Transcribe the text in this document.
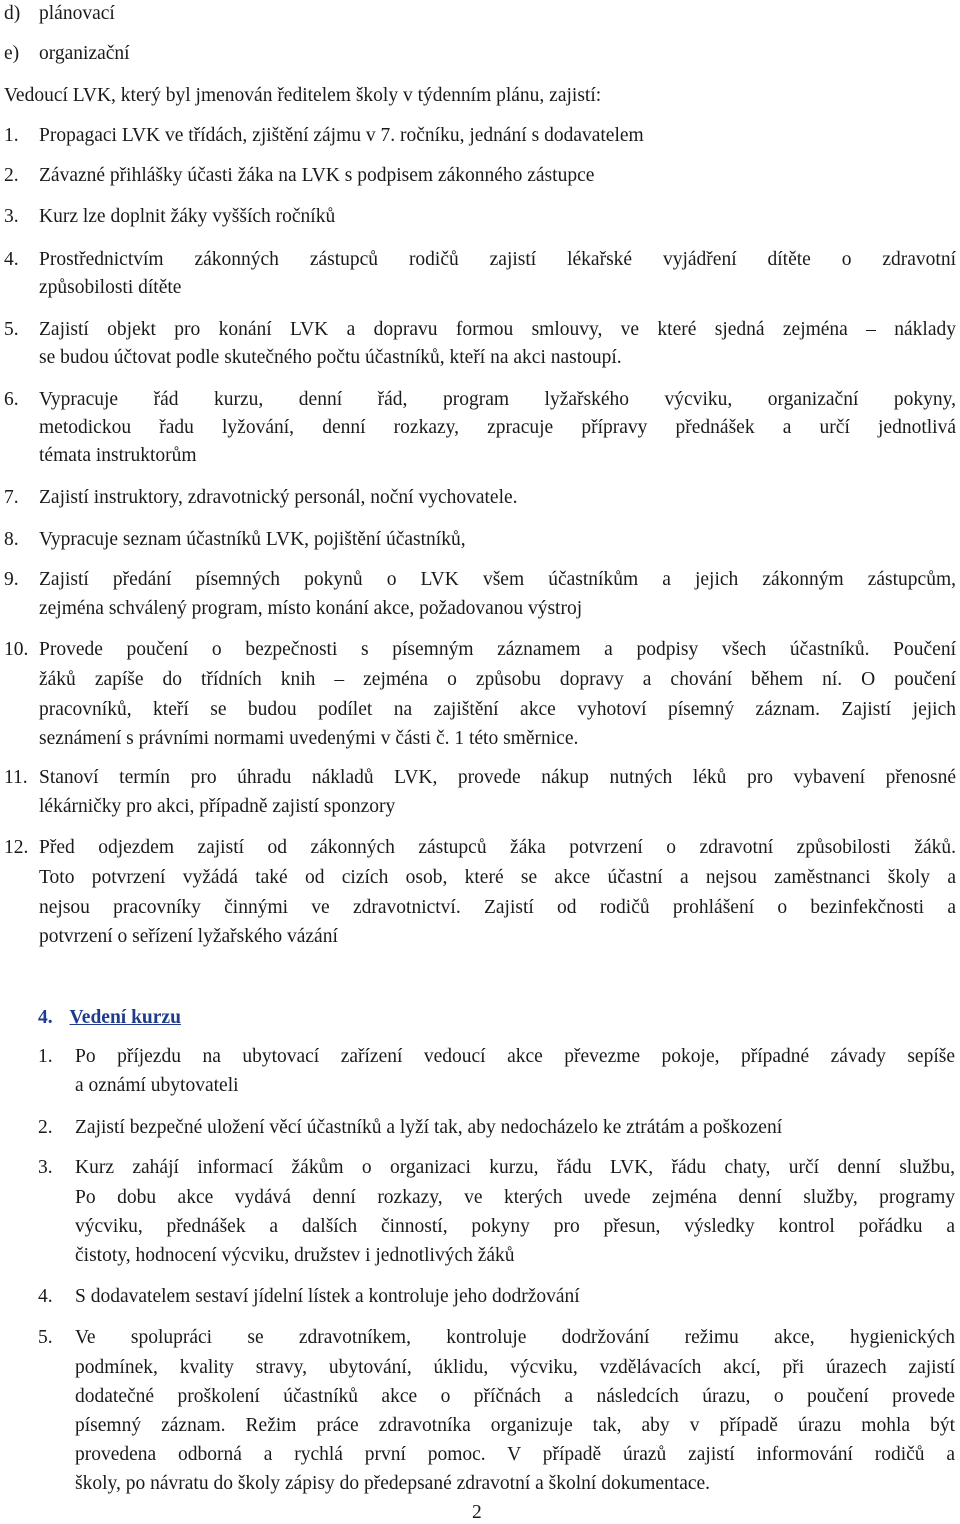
d) plánovací
e) organizační
Vedoucí LVK, který byl jmenován ředitelem školy v týdenním plánu, zajistí:
1. Propagaci LVK ve třídách, zjištění zájmu v 7. ročníku, jednání s dodavatelem
2. Závazné přihlášky účasti žáka na LVK s podpisem zákonného zástupce
3. Kurz lze doplnit žáky vyšších ročníků
4. Prostřednictvím zákonných zástupců rodičů zajistí lékařské vyjádření dítěte o zdravotní
způsobilosti dítěte
5. Zajistí objekt pro konání LVK a dopravu formou smlouvy, ve které sjedná zejména – náklady
se budou účtovat podle skutečného počtu účastníků, kteří na akci nastoupí.
6. Vypracuje řád kurzu, denní řád, program lyžařského výcviku, organizační pokyny,
metodickou řadu lyžování, denní rozkazy, zpracuje přípravy přednášek a určí jednotlivá
témata instruktorům
7. Zajistí instruktory, zdravotnický personál, noční vychovatele.
8. Vypracuje seznam účastníků LVK, pojištění účastníků,
9. Zajistí předání písemných pokynů o LVK všem účastníkům a jejich zákonným zástupcům,
zejména schválený program, místo konání akce, požadovanou výstroj
10. Provede poučení o bezpečnosti s písemným záznamem a podpisy všech účastníků. Poučení
žáků zapíše do třídních knih – zejména o způsobu dopravy a chování během ní. O poučení
pracovníků, kteří se budou podílet na zajištění akce vyhotoví písemný záznam. Zajistí jejich
seznámení s právními normami uvedenými v části č. 1 této směrnice.
11. Stanoví termín pro úhradu nákladů LVK, provede nákup nutných léků pro vybavení přenosné
lékárničky pro akci, případně zajistí sponzory
12. Před odjezdem zajistí od zákonných zástupců žáka potvrzení o zdravotní způsobilosti žáků.
Toto potvrzení vyžádá také od cizích osob, které se akce účastní a nejsou zaměstnanci školy a
nejsou pracovníky činnými ve zdravotnictví. Zajistí od rodičů prohlášení o bezinfekčnosti a
potvrzení o seřízení lyžařského vázání
4. Vedení kurzu
1. Po příjezdu na ubytovací zařízení vedoucí akce převezme pokoje, případné závady sepíše
a oznámí ubytovateli
2. Zajistí bezpečné uložení věcí účastníků a lyží tak, aby nedocházelo ke ztrátám a poškození
3. Kurz zahájí informací žákům o organizaci kurzu, řádu LVK, řádu chaty, určí denní službu,
Po dobu akce vydává denní rozkazy, ve kterých uvede zejména denní služby, programy
výcviku, přednášek a dalších činností, pokyny pro přesun, výsledky kontrol pořádku a
čistoty, hodnocení výcviku, družstev i jednotlivých žáků
4. S dodavatelem sestaví jídelní lístek a kontroluje jeho dodržování
5. Ve spolupráci se zdravotníkem, kontroluje dodržování režimu akce, hygienických
podmínek, kvality stravy, ubytování, úklidu, výcviku, vzdělávacích akcí, při úrazech zajistí
dodatečné proškolení účastníků akce o příčnách a následcích úrazu, o poučení provede
písemný záznam. Režim práce zdravotníka organizuje tak, aby v případě úrazu mohla být
provedena odborná a rychlá první pomoc. V případě úrazů zajistí informování rodičů a
školy, po návratu do školy zápisy do předepsané zdravotní a školní dokumentace.
2
